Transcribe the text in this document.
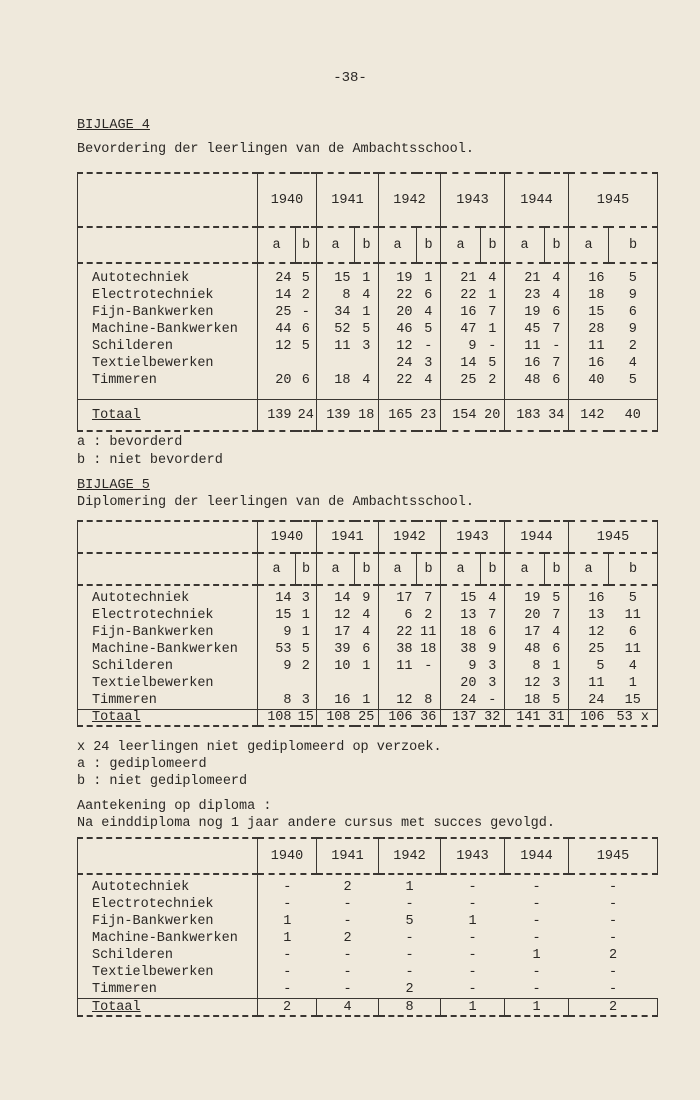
-38-
BIJLAGE 4
Bevordering der leerlingen van de Ambachtsschool.
	1940		1941		1942		1943		1944		1945	
	a	b	a	b	a	b	a	b	a	b	a	b

Autotechniek	24	5	15	1	19	1	21	4	21	4	16	5
Electrotechniek	14	2	8	4	22	6	22	1	23	4	18	9
Fijn-Bankwerken	25	-	34	1	20	4	16	7	19	6	15	6
Machine-Bankwerken	44	6	52	5	46	5	47	1	45	7	28	9
Schilderen	12	5	11	3	12	-	9	-	11	-	11	2
Textielbewerken					24	3	14	5	16	7	16	4
Timmeren	20	6	18	4	22	4	25	2	48	6	40	5

Totaal	139	24	139	18	165	23	154	20	183	34	142	40
a : bevorderd
b : niet bevorderd
BIJLAGE 5
Diplomering der leerlingen van de Ambachtsschool.
	1940		1941		1942		1943		1944		1945	
	a	b	a	b	a	b	a	b	a	b	a	b

Autotechniek	14	3	14	9	17	7	15	4	19	5	16	5
Electrotechniek	15	1	12	4	6	2	13	7	20	7	13	11
Fijn-Bankwerken	9	1	17	4	22	11	18	6	17	4	12	6
Machine-Bankwerken	53	5	39	6	38	18	38	9	48	6	25	11
Schilderen	9	2	10	1	11	-	9	3	8	1	5	4
Textielbewerken							20	3	12	3	11	1
Timmeren	8	3	16	1	12	8	24	-	18	5	24	15

Totaal	108	15	108	25	106	36	137	32	141	31	106	53 x
x 24 leerlingen niet gediplomeerd op verzoek.
a : gediplomeerd
b : niet gediplomeerd
Aantekening op diploma :
Na einddiploma nog 1 jaar andere cursus met succes gevolgd.
	1940	1941	1942	1943	1944	1945

Autotechniek	-	2	1	-	-	-
Electrotechniek	-	-	-	-	-	-
Fijn-Bankwerken	1	-	5	1	-	-
Machine-Bankwerken	1	2	-	-	-	-
Schilderen	-	-	-	-	1	2
Textielbewerken	-	-	-	-	-	-
Timmeren	-	-	2	-	-	-
Totaal	2	4	8	1	1	2
